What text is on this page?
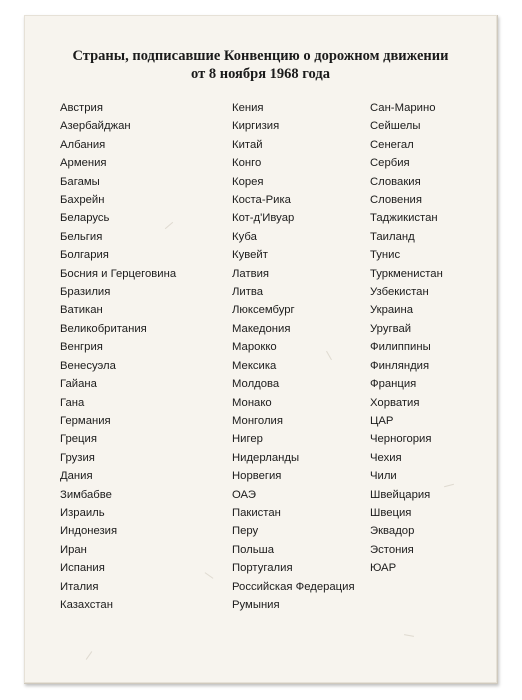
Страны, подписавшие Конвенцию о дорожном движении
от 8 ноября 1968 года
Австрия
Азербайджан
Албания
Армения
Багамы
Бахрейн
Беларусь
Бельгия
Болгария
Босния и Герцеговина
Бразилия
Ватикан
Великобритания
Венгрия
Венесуэла
Гайана
Гана
Германия
Греция
Грузия
Дания
Зимбабве
Израиль
Индонезия
Иран
Испания
Италия
Казахстан
Кения
Киргизия
Китай
Конго
Корея
Коста-Рика
Кот-д'Ивуар
Куба
Кувейт
Латвия
Литва
Люксембург
Македония
Марокко
Мексика
Молдова
Монако
Монголия
Нигер
Нидерланды
Норвегия
ОАЭ
Пакистан
Перу
Польша
Португалия
Российская Федерация
Румыния
Сан-Марино
Сейшелы
Сенегал
Сербия
Словакия
Словения
Таджикистан
Таиланд
Тунис
Туркменистан
Узбекистан
Украина
Уругвай
Филиппины
Финляндия
Франция
Хорватия
ЦАР
Черногория
Чехия
Чили
Швейцария
Швеция
Эквадор
Эстония
ЮАР
